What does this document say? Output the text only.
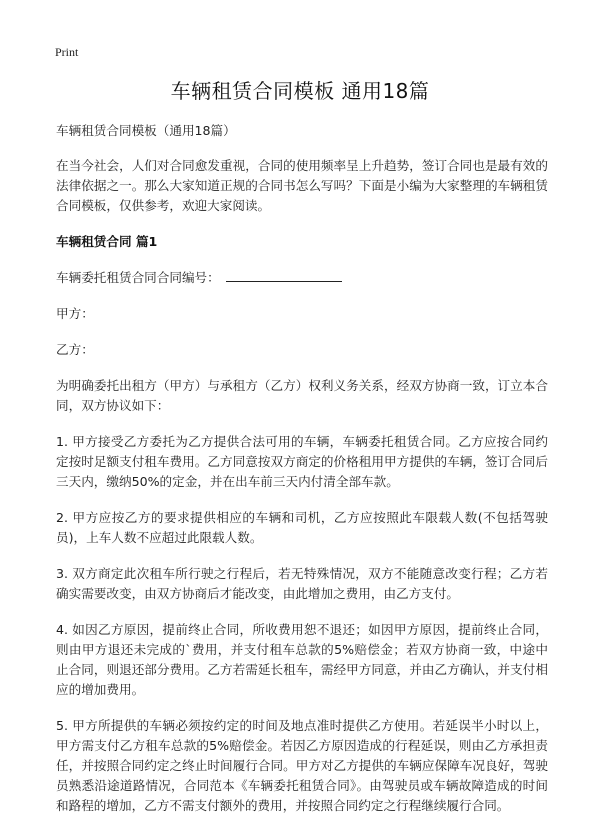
Print
车辆租赁合同模板 通用18篇

车辆租赁合同模板（通用18篇）

在当今社会，人们对合同愈发重视，合同的使用频率呈上升趋势，签订合同也是最有效的法律依据之一。那么大家知道正规的合同书怎么写吗？下面是小编为大家整理的车辆租赁合同模板，仅供参考，欢迎大家阅读。

车辆租赁合同 篇1

车辆委托租赁合同合同编号：

甲方：

乙方：

为明确委托出租方（甲方）与承租方（乙方）权利义务关系，经双方协商一致，订立本合同，双方协议如下：

1. 甲方接受乙方委托为乙方提供合法可用的车辆，车辆委托租赁合同。乙方应按合同约定按时足额支付租车费用。乙方同意按双方商定的价格租用甲方提供的车辆，签订合同后三天内，缴纳50%的定金，并在出车前三天内付清全部车款。

2. 甲方应按乙方的要求提供相应的车辆和司机，乙方应按照此车限载人数(不包括驾驶员)，上车人数不应超过此限载人数。

3. 双方商定此次租车所行驶之行程后，若无特殊情况，双方不能随意改变行程；乙方若确实需要改变，由双方协商后才能改变，由此增加之费用，由乙方支付。

4. 如因乙方原因，提前终止合同，所收费用恕不退还；如因甲方原因，提前终止合同，则由甲方退还未完成的`费用，并支付租车总款的5%赔偿金；若双方协商一致，中途中止合同，则退还部分费用。乙方若需延长租车，需经甲方同意，并由乙方确认，并支付相应的增加费用。

5. 甲方所提供的车辆必须按约定的时间及地点准时提供乙方使用。若延误半小时以上，甲方需支付乙方租车总款的5%赔偿金。若因乙方原因造成的行程延误，则由乙方承担责任，并按照合同约定之终止时间履行合同。甲方对乙方提供的车辆应保障车况良好，驾驶员熟悉沿途道路情况，合同范本《车辆委托租赁合同》。由驾驶员或车辆故障造成的时间和路程的增加，乙方不需支付额外的费用，并按照合同约定之行程继续履行合同。
